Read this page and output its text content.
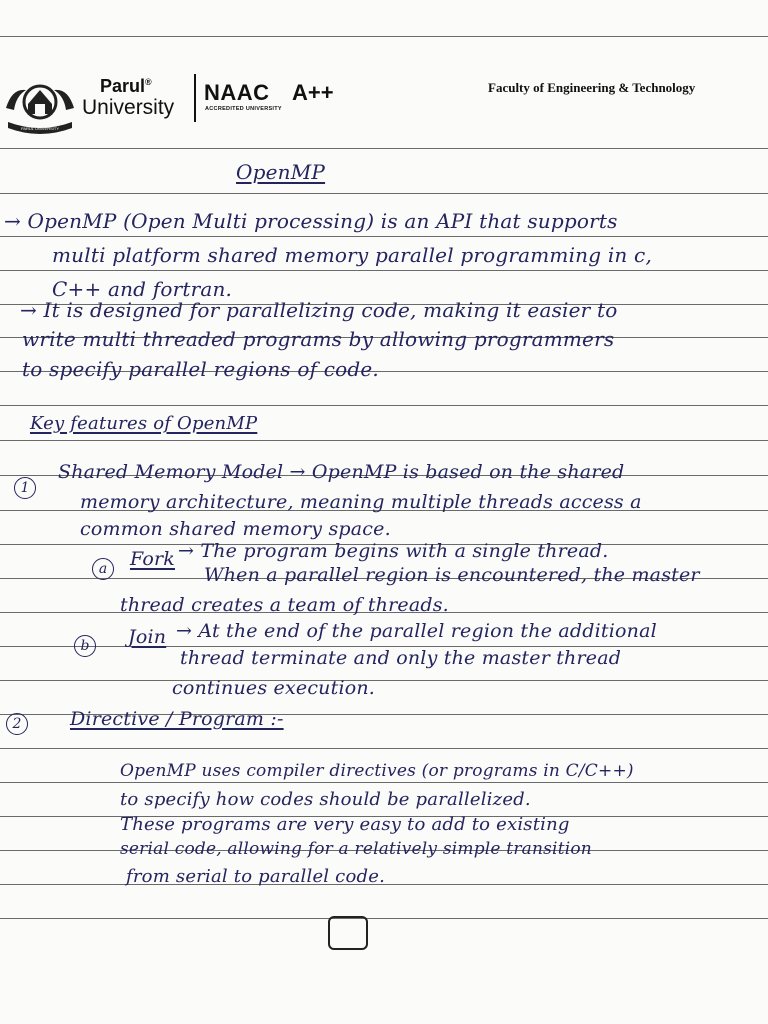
PARUL UNIVERSITY
Parul®
University
NAAC A++
ACCREDITED UNIVERSITY
Faculty of Engineering & Technology
OpenMP
→ OpenMP (Open Multi processing) is an API that supports
multi platform shared memory parallel programming in c,
C++ and fortran.
→ It is designed for parallelizing code, making it easier to
write multi threaded programs by allowing programmers
to specify parallel regions of code.
Key features of OpenMP
1
Shared Memory Model → OpenMP is based on the shared
memory architecture, meaning multiple threads access a
common shared memory space.
a	Fork → The program begins with a single thread.
When a parallel region is encountered, the master
thread creates a team of threads.
b	Join → At the end of the parallel region the additional
thread terminate and only the master thread
continues execution.
2	Directive / Program :-
OpenMP uses compiler directives (or programs in C/C++)
to specify how codes should be parallelized.
These programs are very easy to add to existing
serial code, allowing for a relatively simple transition
from serial to parallel code.
